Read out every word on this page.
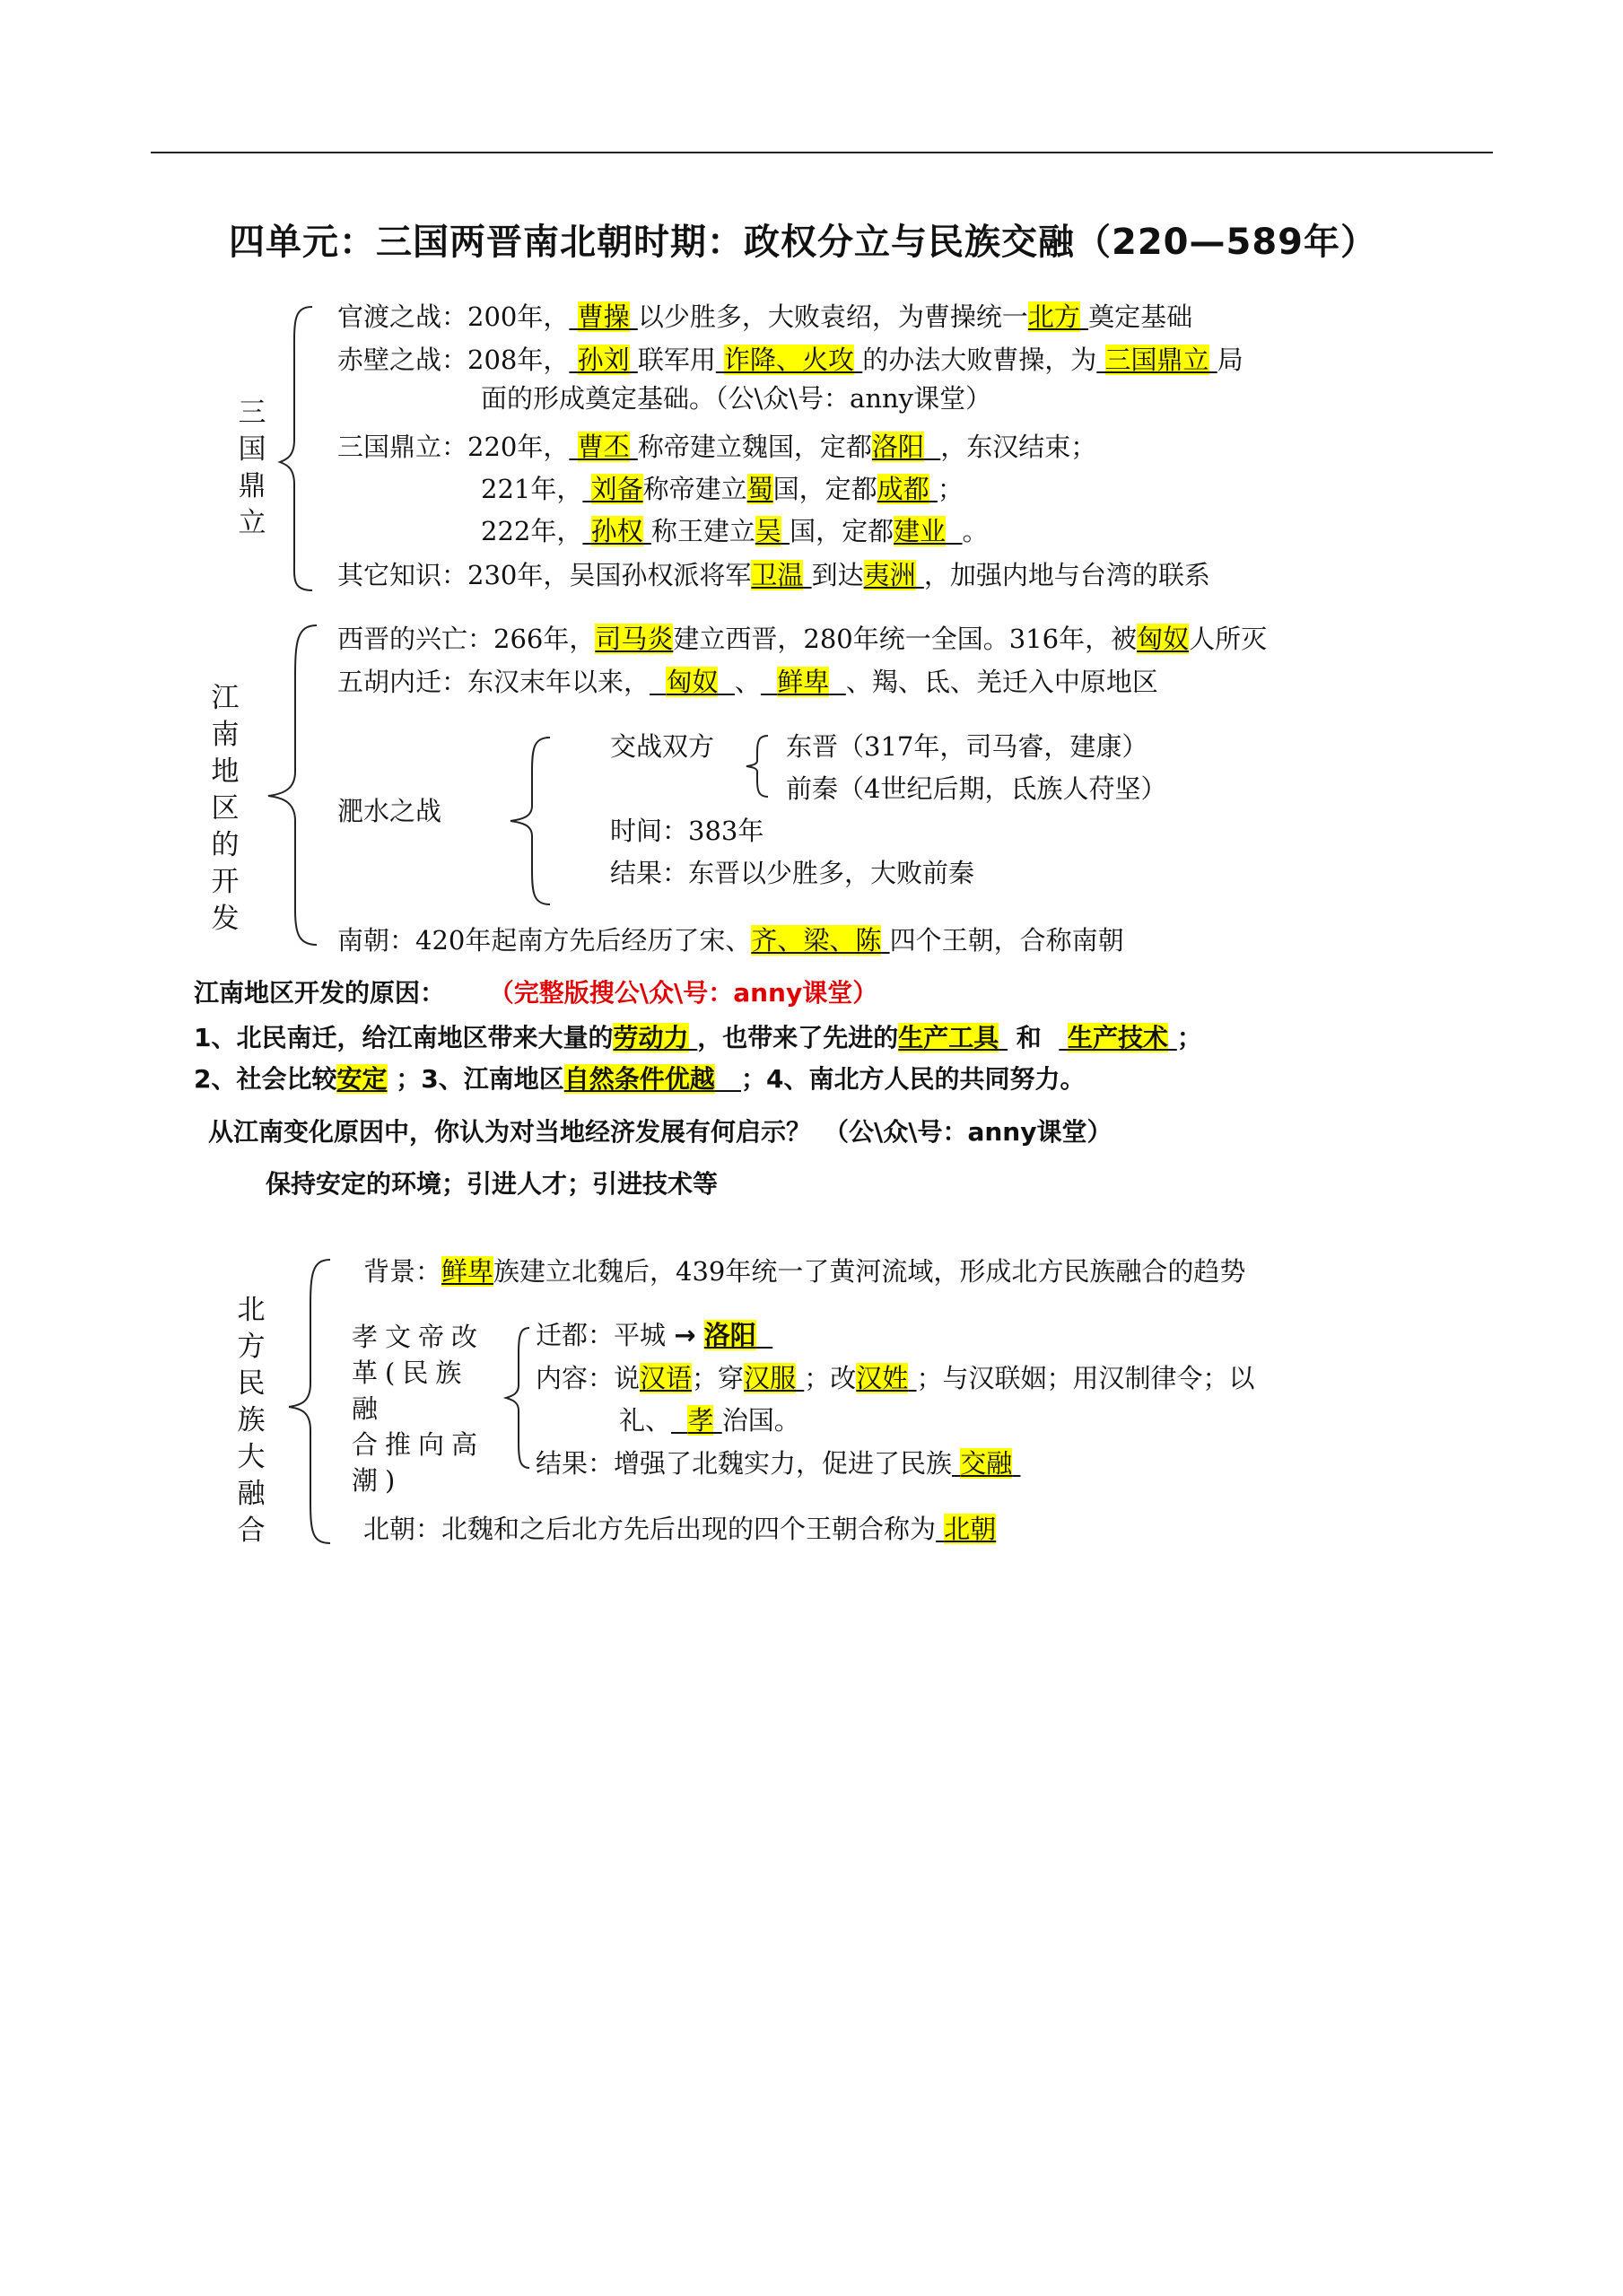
四单元：三国两晋南北朝时期：政权分立与民族交融（220—589年）
三国鼎立
官渡之战：200年， 曹操 以少胜多，大败袁绍，为曹操统一北方 奠定基础
赤壁之战：208年， 孙刘 联军用 诈降、火攻 的办法大败曹操，为 三国鼎立 局
面的形成奠定基础。（公\众\号：anny课堂）
三国鼎立：220年， 曹丕 称帝建立魏国，定都洛阳 ，东汉结束；
221年， 刘备称帝建立蜀国，定都成都 ；
222年， 孙权 称王建立吴 国，定都建业 。
其它知识：230年，吴国孙权派将军卫温 到达夷洲 ，加强内地与台湾的联系
江南地区的开发
西晋的兴亡：266年，司马炎建立西晋，280年统一全国。316年，被匈奴人所灭
五胡内迁：东汉末年以来， 匈奴 、 鲜卑 、羯、氐、羌迁入中原地区
淝水之战
交战双方	东晋（317年，司马睿，建康）
前秦（4世纪后期，氐族人苻坚）
时间：383年
结果：东晋以少胜多，大败前秦
南朝：420年起南方先后经历了宋、齐、梁、陈 四个王朝，合称南朝
江南地区开发的原因： （完整版搜公\众\号：anny课堂）
1、北民南迁，给江南地区带来大量的劳动力 ，也带来了先进的生产工具 和 生产技术 ；
2、社会比较安定 ；3、江南地区自然条件优越 ；4、南北方人民的共同努力。
从江南变化原因中，你认为对当地经济发展有何启示？　（公\众\号：anny课堂）
保持安定的环境；引进人才；引进技术等
北方民族大融合
背景：鲜卑族建立北魏后，439年统一了黄河流域，形成北方民族融合的趋势
孝文帝改
革(民族融
合推向高
潮)
迁都：平城 → 洛阳
内容：说汉语；穿汉服 ；改汉姓 ；与汉联姻；用汉制律令；以
礼、 孝 治国。
结果：增强了北魏实力，促进了民族 交融
北朝：北魏和之后北方先后出现的四个王朝合称为 北朝
